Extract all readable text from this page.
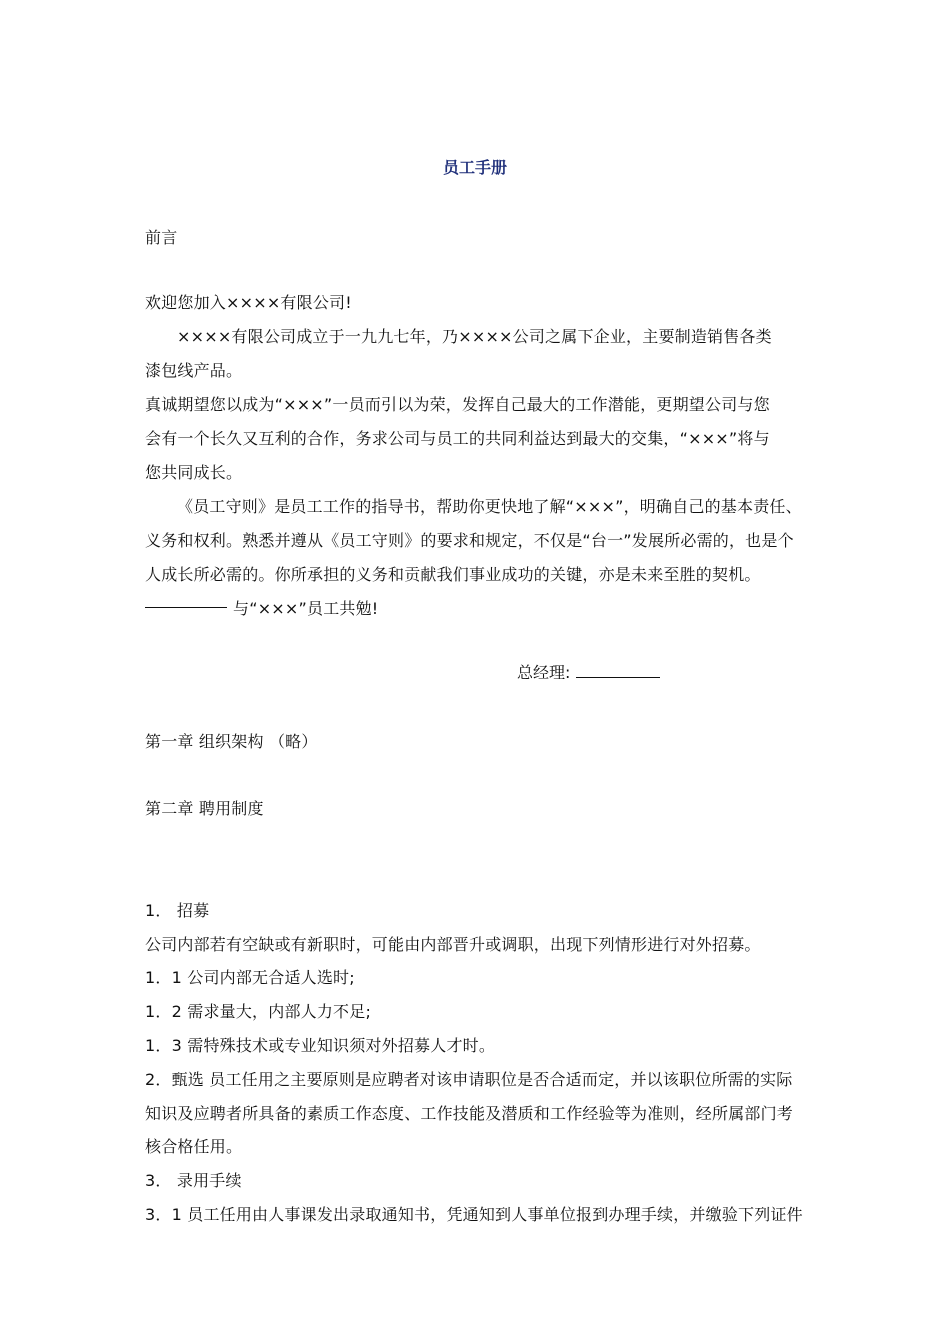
员工手册
前言
欢迎您加入××××有限公司!
××××有限公司成立于一九九七年，乃××××公司之属下企业，主要制造销售各类
漆包线产品。
真诚期望您以成为“×××”一员而引以为荣，发挥自己最大的工作潜能，更期望公司与您
会有一个长久又互利的合作，务求公司与员工的共同利益达到最大的交集，“×××”将与
您共同成长。
《员工守则》是员工工作的指导书，帮助你更快地了解“×××”，明确自己的基本责任、
义务和权利。熟悉并遵从《员工守则》的要求和规定，不仅是“台一”发展所必需的，也是个
人成长所必需的。你所承担的义务和贡献我们事业成功的关键，亦是未来至胜的契机。
与“×××”员工共勉!
总经理:
第一章 组织架构 （略）
第二章 聘用制度
1． 招募
公司内部若有空缺或有新职时，可能由内部晋升或调职，出现下列情形进行对外招募。
1．1 公司内部无合适人选时;
1．2 需求量大，内部人力不足;
1．3 需特殊技术或专业知识须对外招募人才时。
2．甄选 员工任用之主要原则是应聘者对该申请职位是否合适而定，并以该职位所需的实际
知识及应聘者所具备的素质工作态度、工作技能及潜质和工作经验等为准则，经所属部门考
核合格任用。
3． 录用手续
3．1 员工任用由人事课发出录取通知书，凭通知到人事单位报到办理手续，并缴验下列证件
